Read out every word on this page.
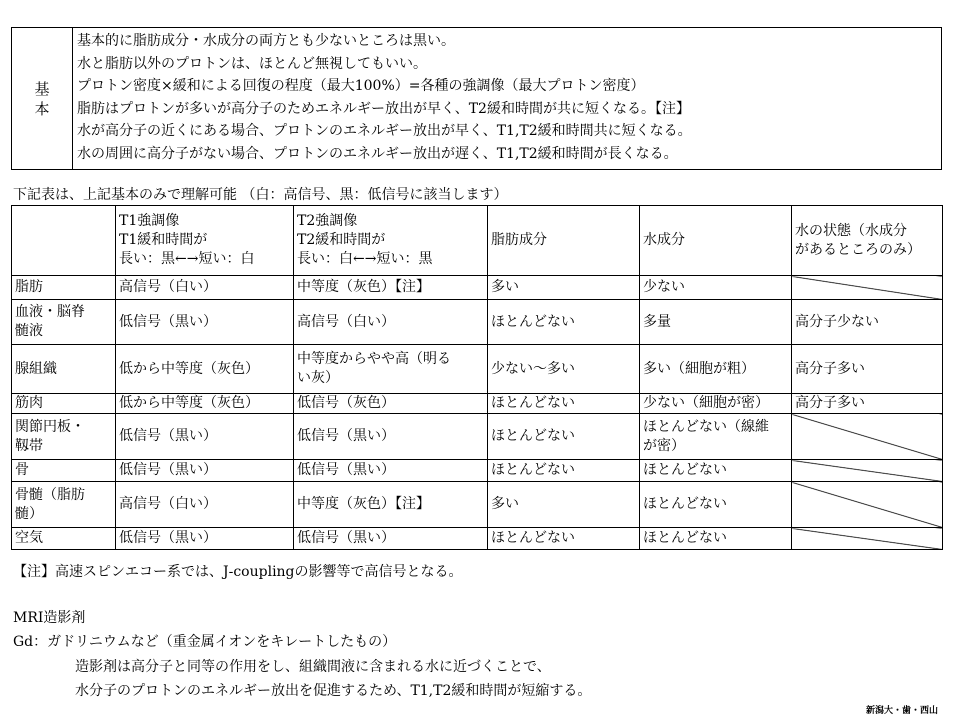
基
本
基本的に脂肪成分・水成分の両方とも少ないところは黒い。
水と脂肪以外のプロトンは、ほとんど無視してもいい。
プロトン密度×緩和による回復の程度（最大100%）=各種の強調像（最大プロトン密度）
脂肪はプロトンが多いが高分子のためエネルギー放出が早く、T2緩和時間が共に短くなる。【注】
水が高分子の近くにある場合、プロトンのエネルギー放出が早く、T1,T2緩和時間共に短くなる。
水の周囲に高分子がない場合、プロトンのエネルギー放出が遅く、T1,T2緩和時間が長くなる。
下記表は、上記基本のみで理解可能 （白：高信号、黒：低信号に該当します）
	T1強調像
T1緩和時間が
長い：黒←→短い：白	T2強調像
T2緩和時間が
長い：白←→短い：黒	脂肪成分	水成分	水の状態（水成分
があるところのみ）
脂肪	高信号（白い）	中等度（灰色）【注】	多い	少ない	
血液・脳脊
髄液	低信号（黒い）	高信号（白い）	ほとんどない	多量	高分子少ない
腺組織	低から中等度（灰色）	中等度からやや高（明る
い灰）	少ない〜多い	多い（細胞が粗）	高分子多い
筋肉	低から中等度（灰色）	低信号（灰色）	ほとんどない	少ない（細胞が密）	高分子多い
関節円板・
靱帯	低信号（黒い）	低信号（黒い）	ほとんどない	ほとんどない（線維
が密）	
骨	低信号（黒い）	低信号（黒い）	ほとんどない	ほとんどない	
骨髄（脂肪
髄）	高信号（白い）	中等度（灰色）【注】	多い	ほとんどない	
空気	低信号（黒い）	低信号（黒い）	ほとんどない	ほとんどない	
【注】高速スピンエコー系では、J-couplingの影響等で高信号となる。
MRI造影剤
Gd：ガドリニウムなど（重金属イオンをキレートしたもの）
造影剤は高分子と同等の作用をし、組織間液に含まれる水に近づくことで、
水分子のプロトンのエネルギー放出を促進するため、T1,T2緩和時間が短縮する。
新潟大・歯・西山
